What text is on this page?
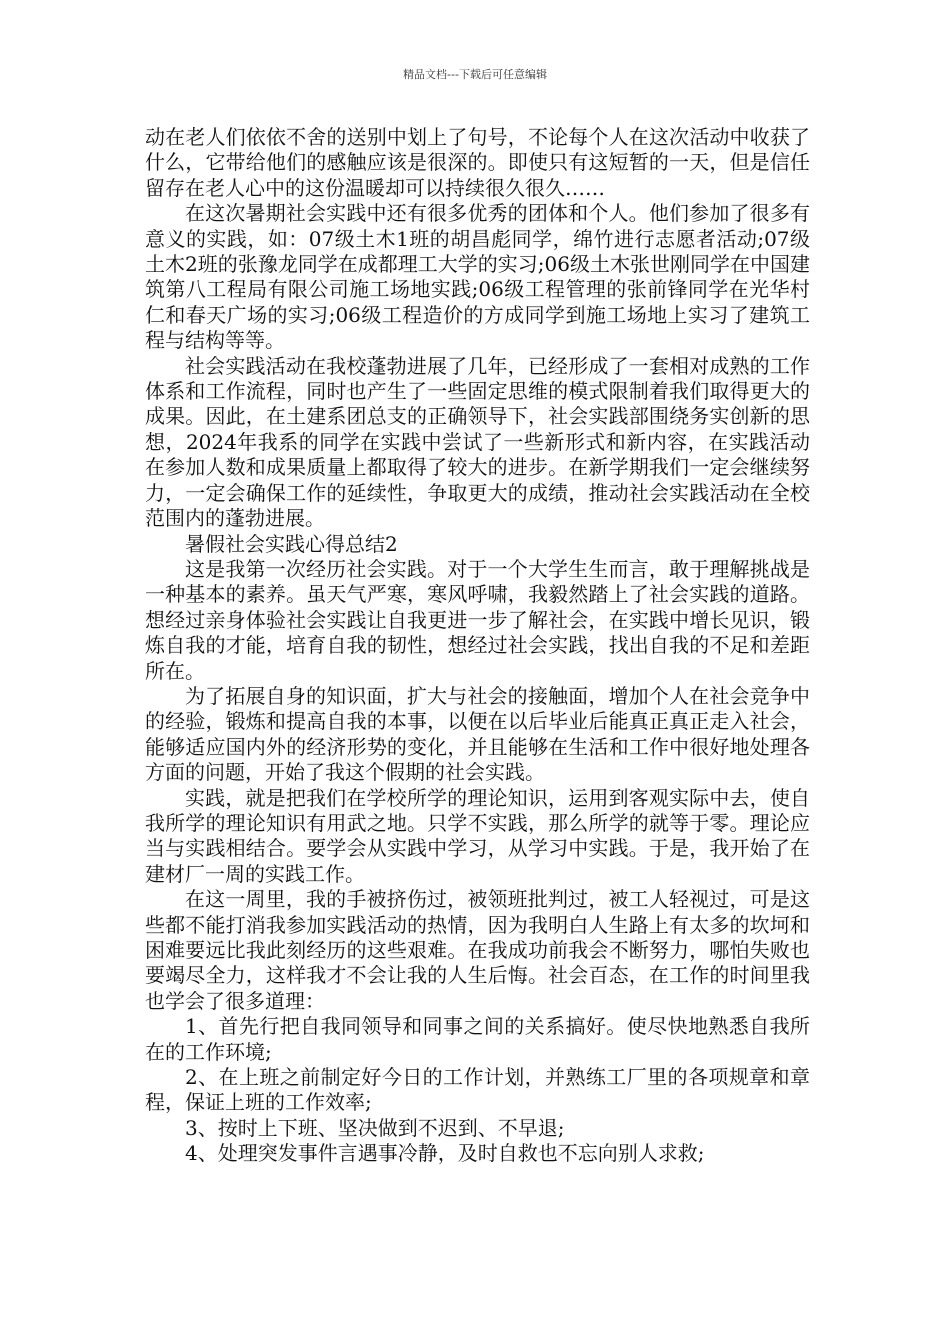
精品文档---下载后可任意编辑

动在老人们依依不舍的送别中划上了句号，不论每个人在这次活动中收获了什么，它带给他们的感触应该是很深的。即使只有这短暂的一天，但是信任留存在老人心中的这份温暖却可以持续很久很久……

在这次暑期社会实践中还有很多优秀的团体和个人。他们参加了很多有意义的实践，如：07级土木1班的胡昌彪同学，绵竹进行志愿者活动;07级土木2班的张豫龙同学在成都理工大学的实习;06级土木张世刚同学在中国建筑第八工程局有限公司施工场地实践;06级工程管理的张前锋同学在光华村仁和春天广场的实习;06级工程造价的方成同学到施工场地上实习了建筑工程与结构等等。

社会实践活动在我校蓬勃进展了几年，已经形成了一套相对成熟的工作体系和工作流程，同时也产生了一些固定思维的模式限制着我们取得更大的成果。因此，在土建系团总支的正确领导下，社会实践部围绕务实创新的思想，2024年我系的同学在实践中尝试了一些新形式和新内容，在实践活动在参加人数和成果质量上都取得了较大的进步。在新学期我们一定会继续努力，一定会确保工作的延续性，争取更大的成绩，推动社会实践活动在全校范围内的蓬勃进展。

暑假社会实践心得总结2

这是我第一次经历社会实践。对于一个大学生生而言，敢于理解挑战是一种基本的素养。虽天气严寒，寒风呼啸，我毅然踏上了社会实践的道路。想经过亲身体验社会实践让自我更进一步了解社会，在实践中增长见识，锻炼自我的才能，培育自我的韧性，想经过社会实践，找出自我的不足和差距所在。

为了拓展自身的知识面，扩大与社会的接触面，增加个人在社会竞争中的经验，锻炼和提高自我的本事，以便在以后毕业后能真正真正走入社会，能够适应国内外的经济形势的变化，并且能够在生活和工作中很好地处理各方面的问题，开始了我这个假期的社会实践。

实践，就是把我们在学校所学的理论知识，运用到客观实际中去，使自我所学的理论知识有用武之地。只学不实践，那么所学的就等于零。理论应当与实践相结合。要学会从实践中学习，从学习中实践。于是，我开始了在建材厂一周的实践工作。

在这一周里，我的手被挤伤过，被领班批判过，被工人轻视过，可是这些都不能打消我参加实践活动的热情，因为我明白人生路上有太多的坎坷和困难要远比我此刻经历的这些艰难。在我成功前我会不断努力，哪怕失败也要竭尽全力，这样我才不会让我的人生后悔。社会百态，在工作的时间里我也学会了很多道理：

1、首先行把自我同领导和同事之间的关系搞好。使尽快地熟悉自我所在的工作环境;

2、在上班之前制定好今日的工作计划，并熟练工厂里的各项规章和章程，保证上班的工作效率;

3、按时上下班、坚决做到不迟到、不早退;

4、处理突发事件言遇事冷静，及时自救也不忘向别人求救;
